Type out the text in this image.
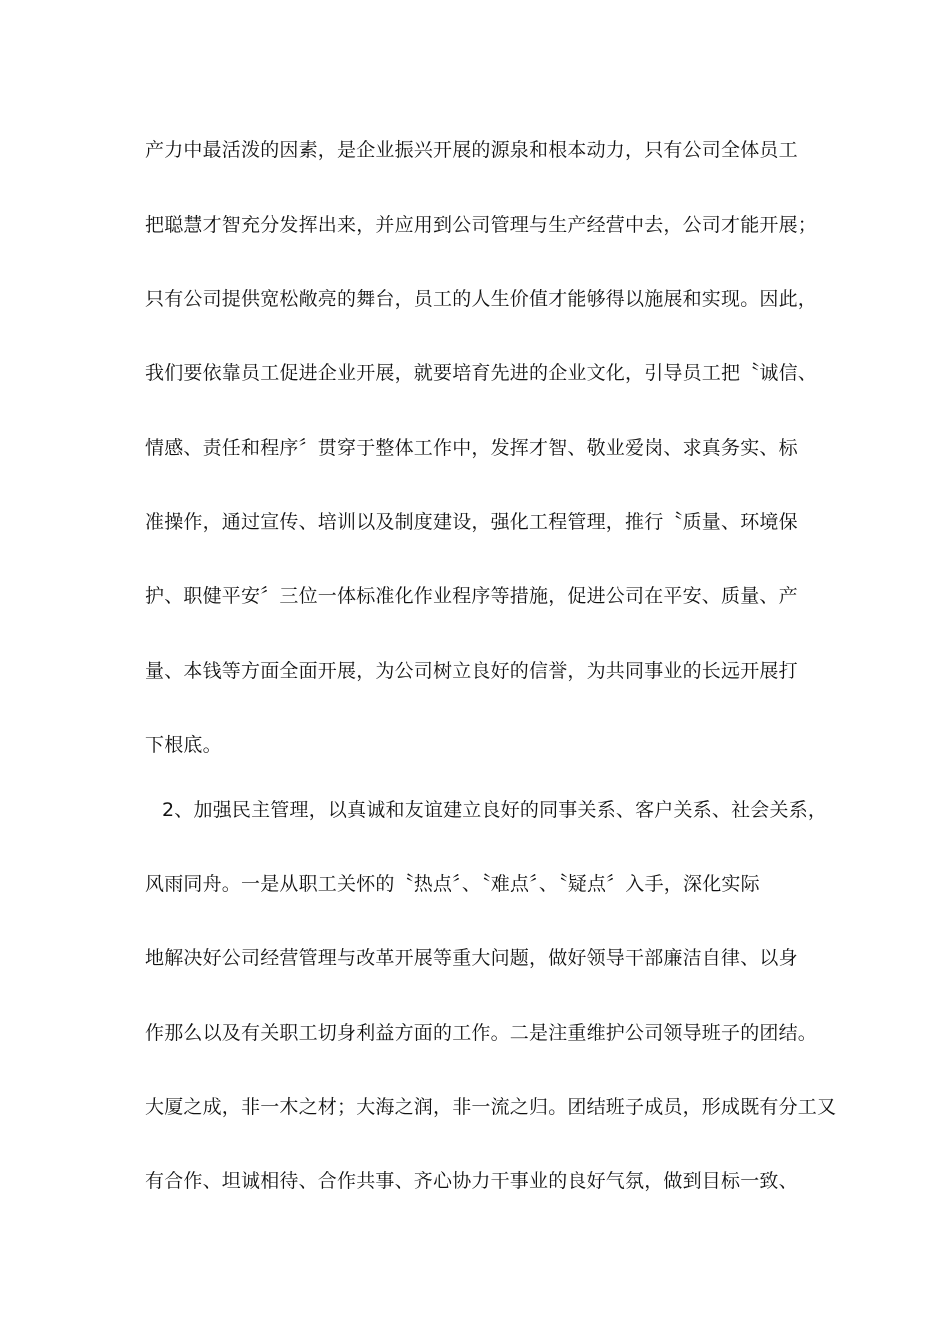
产力中最活泼的因素，是企业振兴开展的源泉和根本动力，只有公司全体员工

把聪慧才智充分发挥出来，并应用到公司管理与生产经营中去，公司才能开展；

只有公司提供宽松敞亮的舞台，员工的人生价值才能够得以施展和实现。因此，

我们要依靠员工促进企业开展，就要培育先进的企业文化，引导员工把〝诚信、

情感、责任和程序〞贯穿于整体工作中，发挥才智、敬业爱岗、求真务实、标

准操作，通过宣传、培训以及制度建设，强化工程管理，推行〝质量、环境保

护、职健平安〞三位一体标准化作业程序等措施，促进公司在平安、质量、产

量、本钱等方面全面开展，为公司树立良好的信誉，为共同事业的长远开展打

下根底。

2、加强民主管理，以真诚和友谊建立良好的同事关系、客户关系、社会关系，

风雨同舟。一是从职工关怀的〝热点〞、〝难点〞、〝疑点〞入手，深化实际

地解决好公司经营管理与改革开展等重大问题，做好领导干部廉洁自律、以身

作那么以及有关职工切身利益方面的工作。二是注重维护公司领导班子的团结。

大厦之成，非一木之材；大海之润，非一流之归。团结班子成员，形成既有分工又

有合作、坦诚相待、合作共事、齐心协力干事业的良好气氛，做到目标一致、
